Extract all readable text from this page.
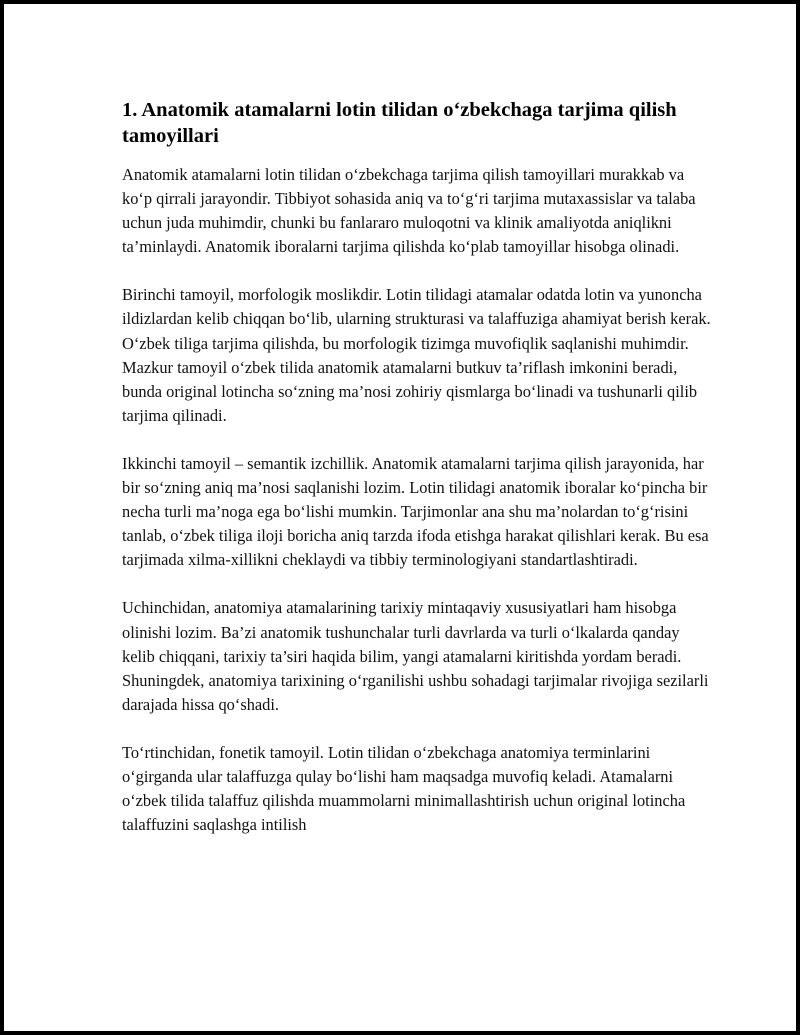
1. Anatomik atamalarni lotin tilidan o‘zbekchaga tarjima qilish tamoyillari

Anatomik atamalarni lotin tilidan o‘zbekchaga tarjima qilish tamoyillari murakkab va ko‘p qirrali jarayondir. Tibbiyot sohasida aniq va to‘g‘ri tarjima mutaxassislar va talaba uchun juda muhimdir, chunki bu fanlararo muloqotni va klinik amaliyotda aniqlikni ta’minlaydi. Anatomik iboralarni tarjima qilishda ko‘plab tamoyillar hisobga olinadi.

Birinchi tamoyil, morfologik moslikdir. Lotin tilidagi atamalar odatda lotin va yunoncha ildizlardan kelib chiqqan bo‘lib, ularning strukturasi va talaffuziga ahamiyat berish kerak. O‘zbek tiliga tarjima qilishda, bu morfologik tizimga muvofiqlik saqlanishi muhimdir. Mazkur tamoyil o‘zbek tilida anatomik atamalarni butkuv ta’riflash imkonini beradi, bunda original lotincha so‘zning ma’nosi zohiriy qismlarga bo‘linadi va tushunarli qilib tarjima qilinadi.

Ikkinchi tamoyil – semantik izchillik. Anatomik atamalarni tarjima qilish jarayonida, har bir so‘zning aniq ma’nosi saqlanishi lozim. Lotin tilidagi anatomik iboralar ko‘pincha bir necha turli ma’noga ega bo‘lishi mumkin. Tarjimonlar ana shu ma’nolardan to‘g‘risini tanlab, o‘zbek tiliga iloji boricha aniq tarzda ifoda etishga harakat qilishlari kerak. Bu esa tarjimada xilma-xillikni cheklaydi va tibbiy terminologiyani standartlashtiradi.

Uchinchidan, anatomiya atamalarining tarixiy mintaqaviy xususiyatlari ham hisobga olinishi lozim. Ba’zi anatomik tushunchalar turli davrlarda va turli o‘lkalarda qanday kelib chiqqani, tarixiy ta’siri haqida bilim, yangi atamalarni kiritishda yordam beradi. Shuningdek, anatomiya tarixining o‘rganilishi ushbu sohadagi tarjimalar rivojiga sezilarli darajada hissa qo‘shadi.

To‘rtinchidan, fonetik tamoyil. Lotin tilidan o‘zbekchaga anatomiya terminlarini o‘girganda ular talaffuzga qulay bo‘lishi ham maqsadga muvofiq keladi. Atamalarni o‘zbek tilida talaffuz qilishda muammolarni minimallashtirish uchun original lotincha talaffuzini saqlashga intilish
